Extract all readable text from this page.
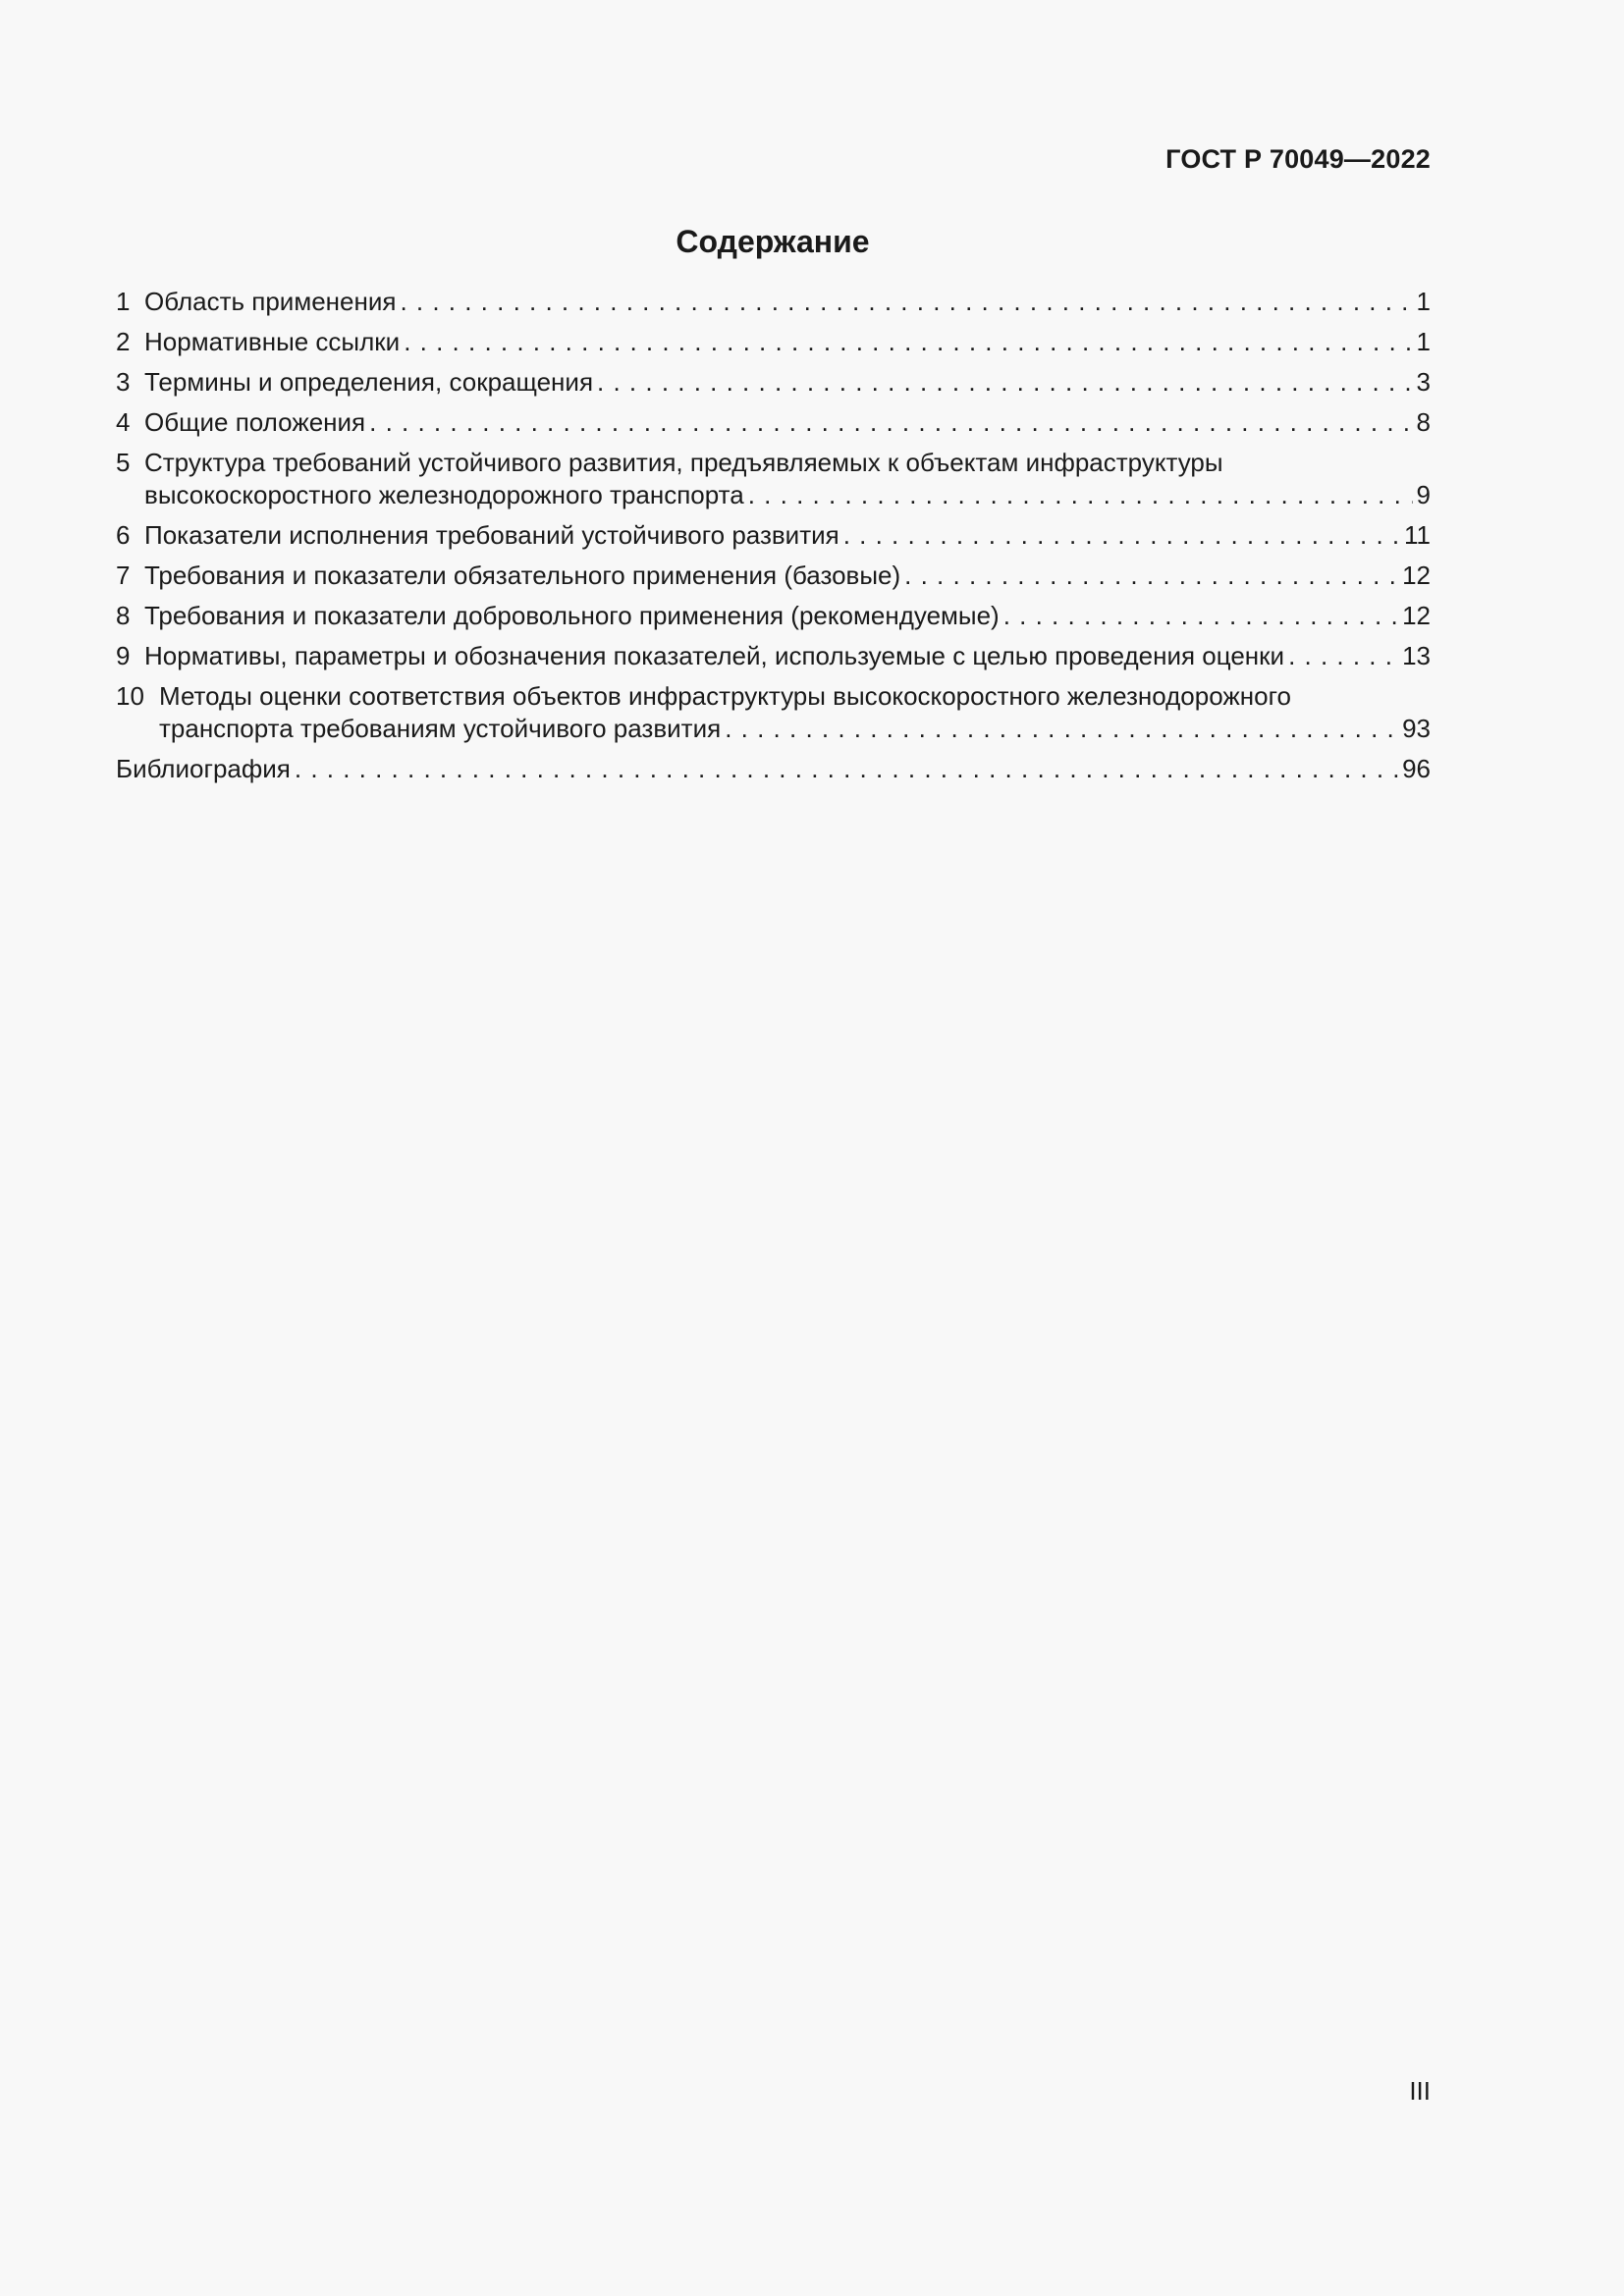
ГОСТ Р 70049—2022
Содержание
1 Область применения . . .	1
2 Нормативные ссылки . . .	1
3 Термины и определения, сокращения . . .	3
4 Общие положения . . .	8
5 Структура требований устойчивого развития, предъявляемых к объектам инфраструктуры
высокоскоростного железнодорожного транспорта . . .	9
6 Показатели исполнения требований устойчивого развития . . .	11
7 Требования и показатели обязательного применения (базовые) . . .	12
8 Требования и показатели добровольного применения (рекомендуемые) . . .	12
9 Нормативы, параметры и обозначения показателей, используемые с целью проведения оценки . . .	13
10 Методы оценки соответствия объектов инфраструктуры высокоскоростного железнодорожного
транспорта требованиям устойчивого развития . . .	93
Библиография . . .	96
III
